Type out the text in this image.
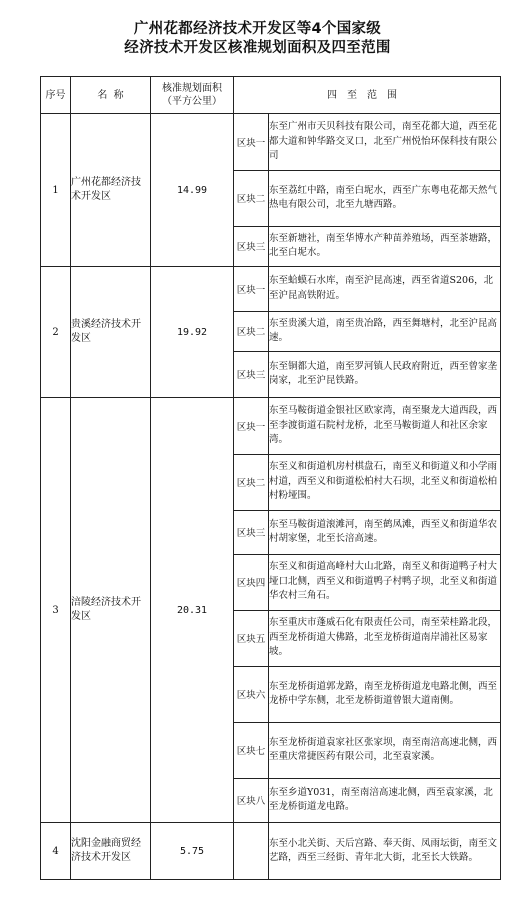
广州花都经济技术开发区等4个国家级
经济技术开发区核准规划面积及四至范围
序号	名  称	
核准规划面积
（平方公里）
	四至范围
1	广州花都经济技术开发区	14.99	
区块一	东至广州市天贝科技有限公司，南至花都大道，西至花都大道和钟华路交叉口，北至广州悦怡环保科技有限公司
区块二	东至荔红中路，南至白坭水，西至广东粤电花都天然气热电有限公司，北至九塘西路。
区块三	东至新塘社，南至华博水产种苗养殖场，西至茶塘路，北至白坭水。

2	贵溪经济技术开发区	19.92	
区块一	东至蛤蟆石水库，南至沪昆高速，西至省道S206，北至沪昆高铁附近。
区块二	东至贵溪大道，南至贵冶路，西至舞塘村，北至沪昆高速。
区块三	东至铜都大道，南至罗河镇人民政府附近，西至曾家垄岗家，北至沪昆铁路。

3	涪陵经济技术开发区	20.31	
区块一	东至马鞍街道金银社区欧家湾，南至聚龙大道西段，西至李渡街道石院村龙桥，北至马鞍街道人和社区余家湾。
区块二	东至义和街道机房村棋盘石，南至义和街道义和小学雨村道，西至义和街道松柏村大石坝，北至义和街道松柏村粉垭围。
区块三	东至马鞍街道滚滩河，南至鹤凤滩，西至义和街道华农村胡家堡，北至长涪高速。
区块四	东至义和街道高峰村大山北路，南至义和街道鸭子村大垭口北侧，西至义和街道鸭子村鸭子坝，北至义和街道华农村三角石。
区块五	东至重庆市蓬威石化有限责任公司，南至荣桂路北段，西至龙桥街道大佛路，北至龙桥街道南岸浦社区易家坡。
区块六	东至龙桥街道郭龙路，南至龙桥街道龙电路北侧，西至龙桥中学东侧，北至龙桥街道曾银大道南侧。
区块七	东至龙桥街道袁家社区张家坝，南至南涪高速北侧，西至重庆常捷医药有限公司，北至袁家溪。
区块八	东至乡道Y031，南至南涪高速北侧，西至袁家溪，北至龙桥街道龙电路。

4	沈阳金融商贸经济技术开发区	5.75	
	东至小北关街、天后宫路、奉天街、凤雨坛街，南至文艺路，西至三经街、青年北大街，北至长大铁路。
